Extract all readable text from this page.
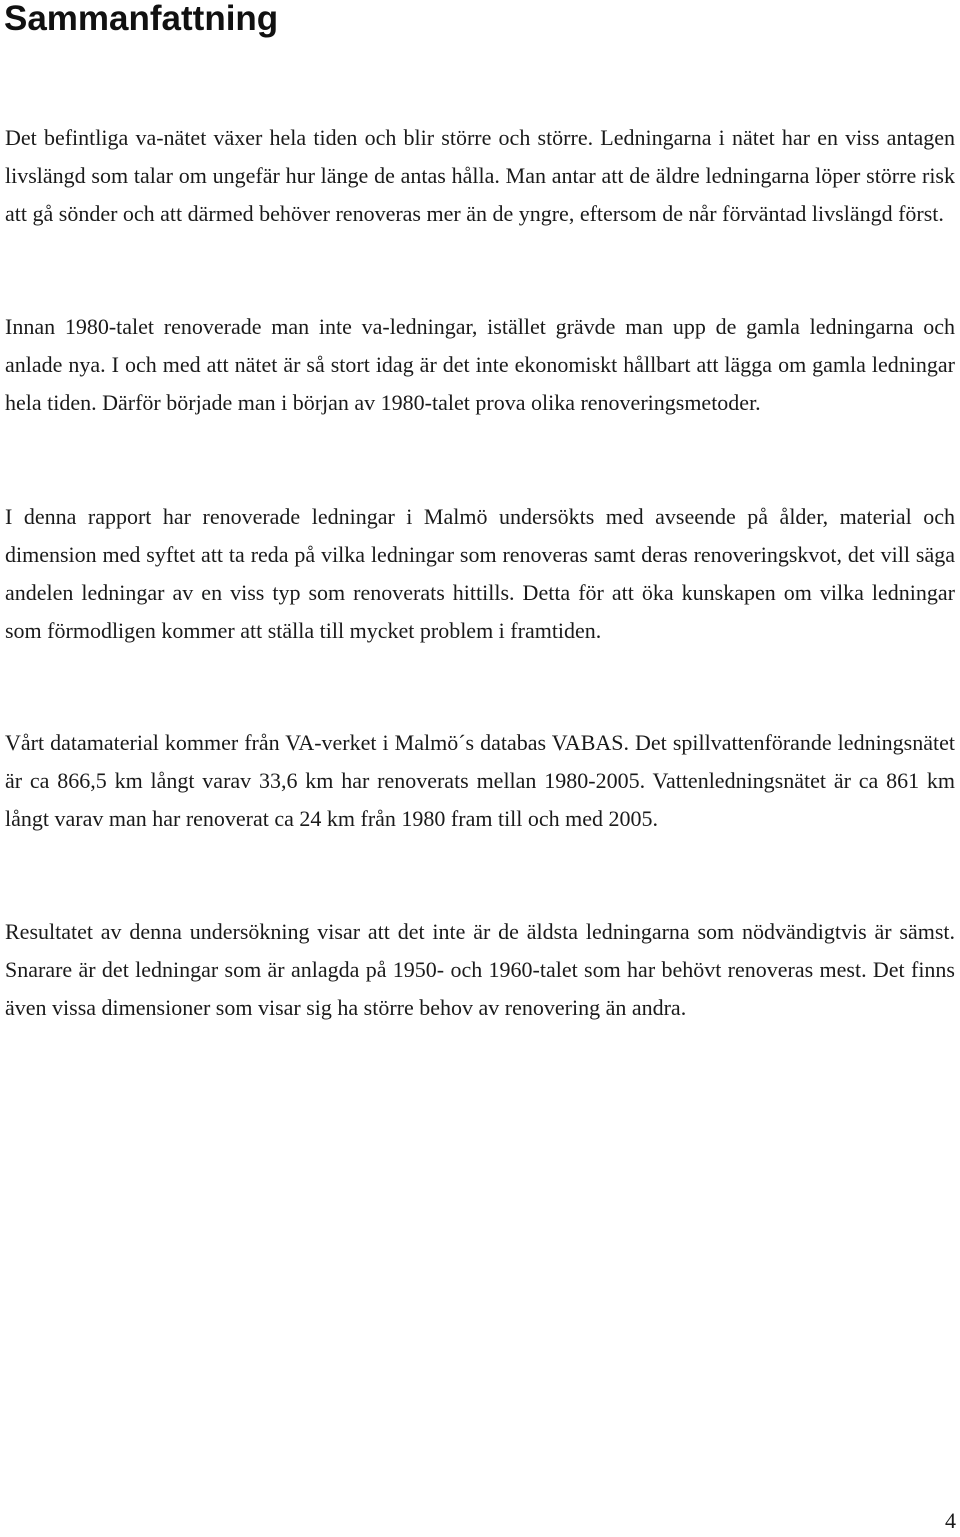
Sammanfattning

Det befintliga va-nätet växer hela tiden och blir större och större. Ledningarna i nätet har en viss antagen livslängd som talar om ungefär hur länge de antas hålla. Man antar att de äldre ledningarna löper större risk att gå sönder och att därmed behöver renoveras mer än de yngre, eftersom de når förväntad livslängd först.

Innan 1980-talet renoverade man inte va-ledningar, istället grävde man upp de gamla ledningarna och anlade nya. I och med att nätet är så stort idag är det inte ekonomiskt hållbart att lägga om gamla ledningar hela tiden. Därför började man i början av 1980-talet prova olika renoveringsmetoder.

I denna rapport har renoverade ledningar i Malmö undersökts med avseende på ålder, material och dimension med syftet att ta reda på vilka ledningar som renoveras samt deras renoveringskvot, det vill säga andelen ledningar av en viss typ som renoverats hittills. Detta för att öka kunskapen om vilka ledningar som förmodligen kommer att ställa till mycket problem i framtiden.

Vårt datamaterial kommer från VA-verket i Malmö´s databas VABAS. Det spillvattenförande ledningsnätet är ca 866,5 km långt varav 33,6 km har renoverats mellan 1980-2005. Vattenledningsnätet är ca 861 km långt varav man har renoverat ca 24 km från 1980 fram till och med 2005.

Resultatet av denna undersökning visar att det inte är de äldsta ledningarna som nödvändigtvis är sämst. Snarare är det ledningar som är anlagda på 1950- och 1960-talet som har behövt renoveras mest. Det finns även vissa dimensioner som visar sig ha större behov av renovering än andra.

4
